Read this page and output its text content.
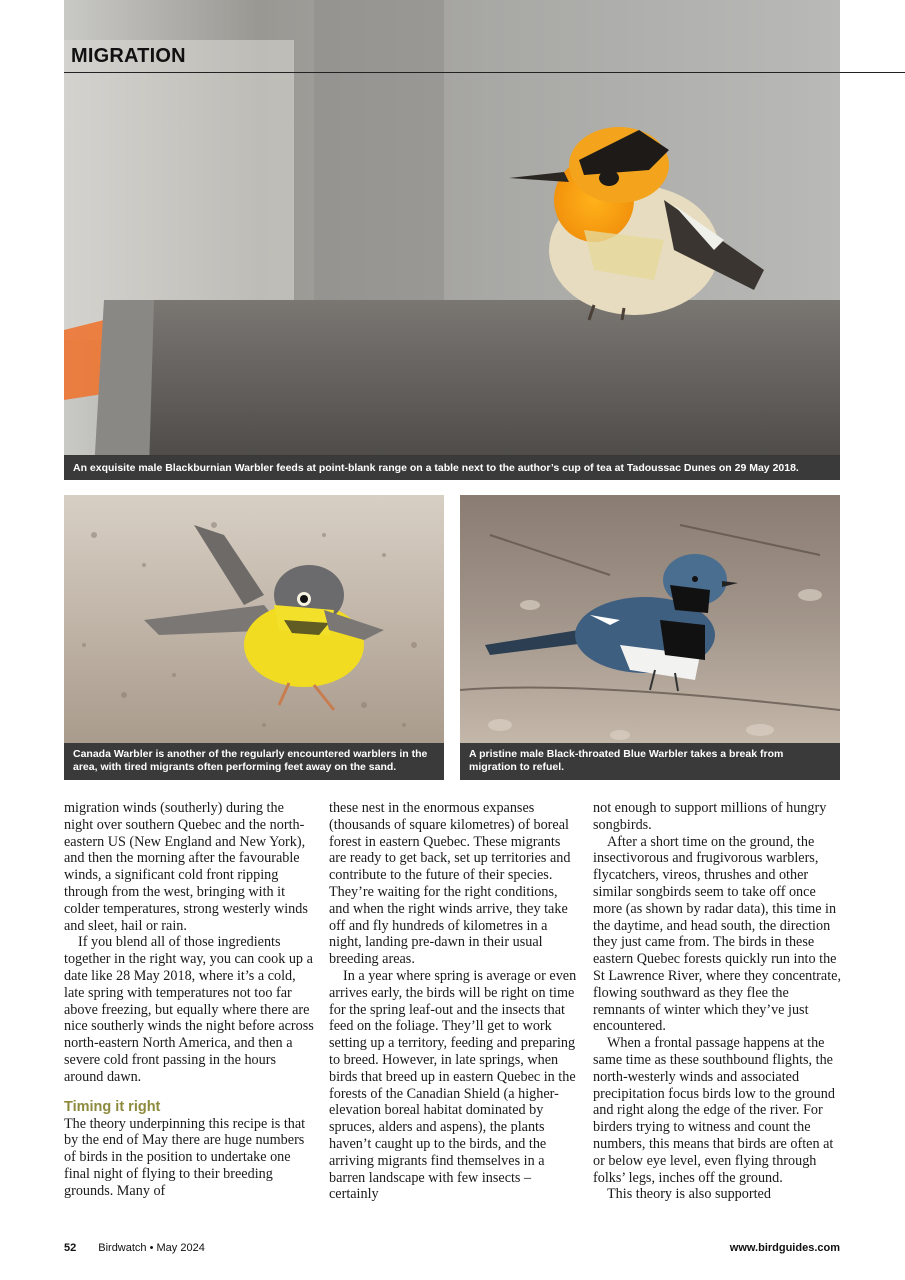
MIGRATION
An exquisite male Blackburnian Warbler feeds at point-blank range on a table next to the author’s cup of tea at Tadoussac Dunes on 29 May 2018.
Canada Warbler is another of the regularly encountered warblers in the area, with tired migrants often performing feet away on the sand.
A pristine male Black-throated Blue Warbler takes a break from migration to refuel.

migration winds (southerly) during the night over southern Quebec and the north-eastern US (New England and New York), and then the morning after the favourable winds, a significant cold front ripping through from the west, bringing with it colder temperatures, strong westerly winds and sleet, hail or rain.

If you blend all of those ingredients together in the right way, you can cook up a date like 28 May 2018, where it’s a cold, late spring with temperatures not too far above freezing, but equally where there are nice southerly winds the night before across north-eastern North America, and then a severe cold front passing in the hours around dawn.

Timing it right

The theory underpinning this recipe is that by the end of May there are huge numbers of birds in the position to undertake one final night of flying to their breeding grounds. Many of

these nest in the enormous expanses (thousands of square kilometres) of boreal forest in eastern Quebec. These migrants are ready to get back, set up territories and contribute to the future of their species. They’re waiting for the right conditions, and when the right winds arrive, they take off and fly hundreds of kilometres in a night, landing pre-dawn in their usual breeding areas.

In a year where spring is average or even arrives early, the birds will be right on time for the spring leaf-out and the insects that feed on the foliage. They’ll get to work setting up a territory, feeding and preparing to breed. However, in late springs, when birds that breed up in eastern Quebec in the forests of the Canadian Shield (a higher-elevation boreal habitat dominated by spruces, alders and aspens), the plants haven’t caught up to the birds, and the arriving migrants find themselves in a barren landscape with few insects – certainly

not enough to support millions of hungry songbirds.

After a short time on the ground, the insectivorous and frugivorous warblers, flycatchers, vireos, thrushes and other similar songbirds seem to take off once more (as shown by radar data), this time in the daytime, and head south, the direction they just came from. The birds in these eastern Quebec forests quickly run into the St Lawrence River, where they concentrate, flowing southward as they flee the remnants of winter which they’ve just encountered.

When a frontal passage happens at the same time as these southbound flights, the north-westerly winds and associated precipitation focus birds low to the ground and right along the edge of the river. For birders trying to witness and count the numbers, this means that birds are often at or below eye level, even flying through folks’ legs, inches off the ground.

This theory is also supported

52 Birdwatch • May 2024	www.birdguides.com
